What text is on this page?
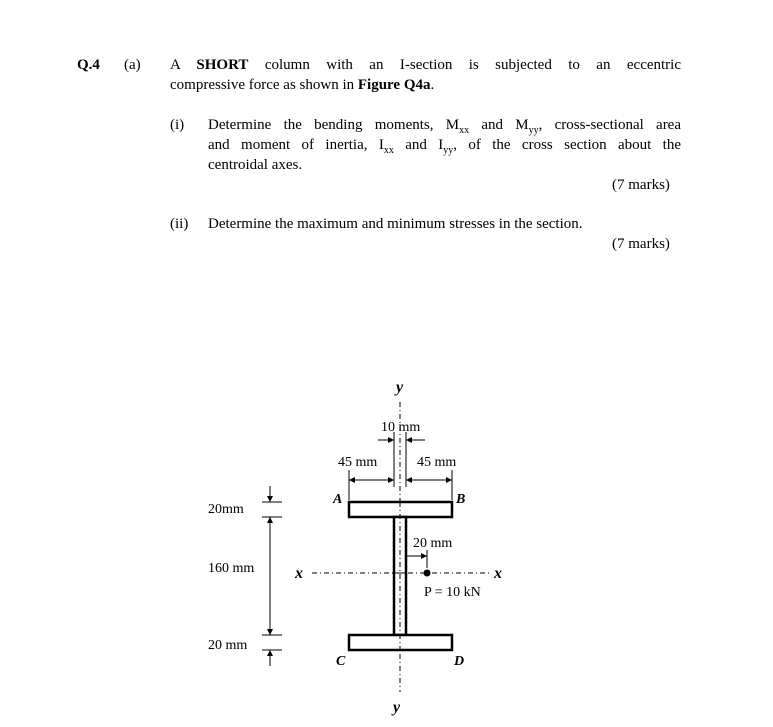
Q.4 (a) A SHORT column with an I-section is subjected to an eccentric
compressive force as shown in Figure Q4a.
(i) Determine the bending moments, $M_{xx}$ and $M_{yy}$, cross-sectional area
and moment of inertia, $I_{xx}$ and $I_{yy}$, of the cross section about the
centroidal axes.
(7 marks)
(ii) Determine the maximum and minimum stresses in the section.
(7 marks)
y
y
x	x
10 mm
45 mm	45 mm
20mm
160 mm
20 mm
20 mm
P = 10 kN
A	B
C	D
